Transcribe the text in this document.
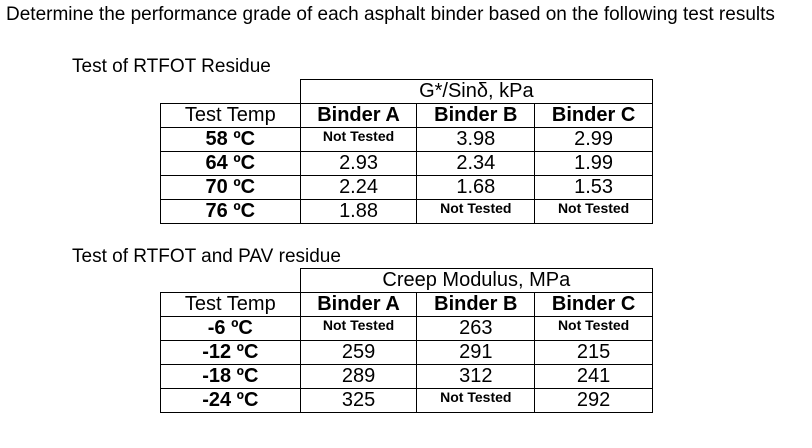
Determine the performance grade of each asphalt binder based on the following test results
Test of RTFOT Residue
	G*/Sinδ, kPa		
Test Temp	Binder A	Binder B	Binder C
58 ºC	Not Tested	3.98	2.99
64 ºC	2.93	2.34	1.99
70 ºC	2.24	1.68	1.53
76 ºC	1.88	Not Tested	Not Tested
Test of RTFOT and PAV residue
	Creep Modulus, MPa		
Test Temp	Binder A	Binder B	Binder C
-6 ºC	Not Tested	263	Not Tested
-12 ºC	259	291	215
-18 ºC	289	312	241
-24 ºC	325	Not Tested	292
